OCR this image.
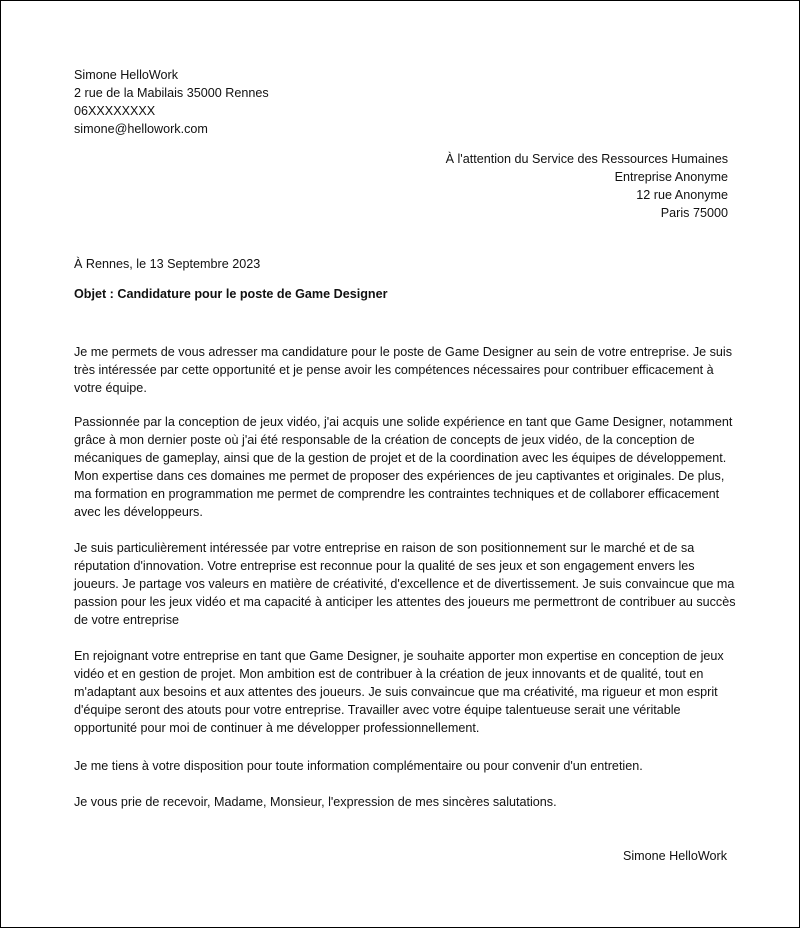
Simone HelloWork
2 rue de la Mabilais 35000 Rennes
06XXXXXXXX
simone@hellowork.com
À l'attention du Service des Ressources Humaines
Entreprise Anonyme
12 rue Anonyme
Paris 75000
À Rennes, le 13 Septembre 2023
Objet : Candidature pour le poste de Game Designer
Je me permets de vous adresser ma candidature pour le poste de Game Designer au sein de votre entreprise. Je suis très intéressée par cette opportunité et je pense avoir les compétences nécessaires pour contribuer efficacement à votre équipe.
Passionnée par la conception de jeux vidéo, j'ai acquis une solide expérience en tant que Game Designer, notamment grâce à mon dernier poste où j'ai été responsable de la création de concepts de jeux vidéo, de la conception de mécaniques de gameplay, ainsi que de la gestion de projet et de la coordination avec les équipes de développement. Mon expertise dans ces domaines me permet de proposer des expériences de jeu captivantes et originales. De plus, ma formation en programmation me permet de comprendre les contraintes techniques et de collaborer efficacement avec les développeurs.
Je suis particulièrement intéressée par votre entreprise en raison de son positionnement sur le marché et de sa réputation d'innovation. Votre entreprise est reconnue pour la qualité de ses jeux et son engagement envers les joueurs. Je partage vos valeurs en matière de créativité, d'excellence et de divertissement. Je suis convaincue que ma passion pour les jeux vidéo et ma capacité à anticiper les attentes des joueurs me permettront de contribuer au succès de votre entreprise
En rejoignant votre entreprise en tant que Game Designer, je souhaite apporter mon expertise en conception de jeux vidéo et en gestion de projet. Mon ambition est de contribuer à la création de jeux innovants et de qualité, tout en m'adaptant aux besoins et aux attentes des joueurs. Je suis convaincue que ma créativité, ma rigueur et mon esprit d'équipe seront des atouts pour votre entreprise. Travailler avec votre équipe talentueuse serait une véritable opportunité pour moi de continuer à me développer professionnellement.
Je me tiens à votre disposition pour toute information complémentaire ou pour convenir d'un entretien.
Je vous prie de recevoir, Madame, Monsieur, l'expression de mes sincères salutations.
Simone HelloWork
